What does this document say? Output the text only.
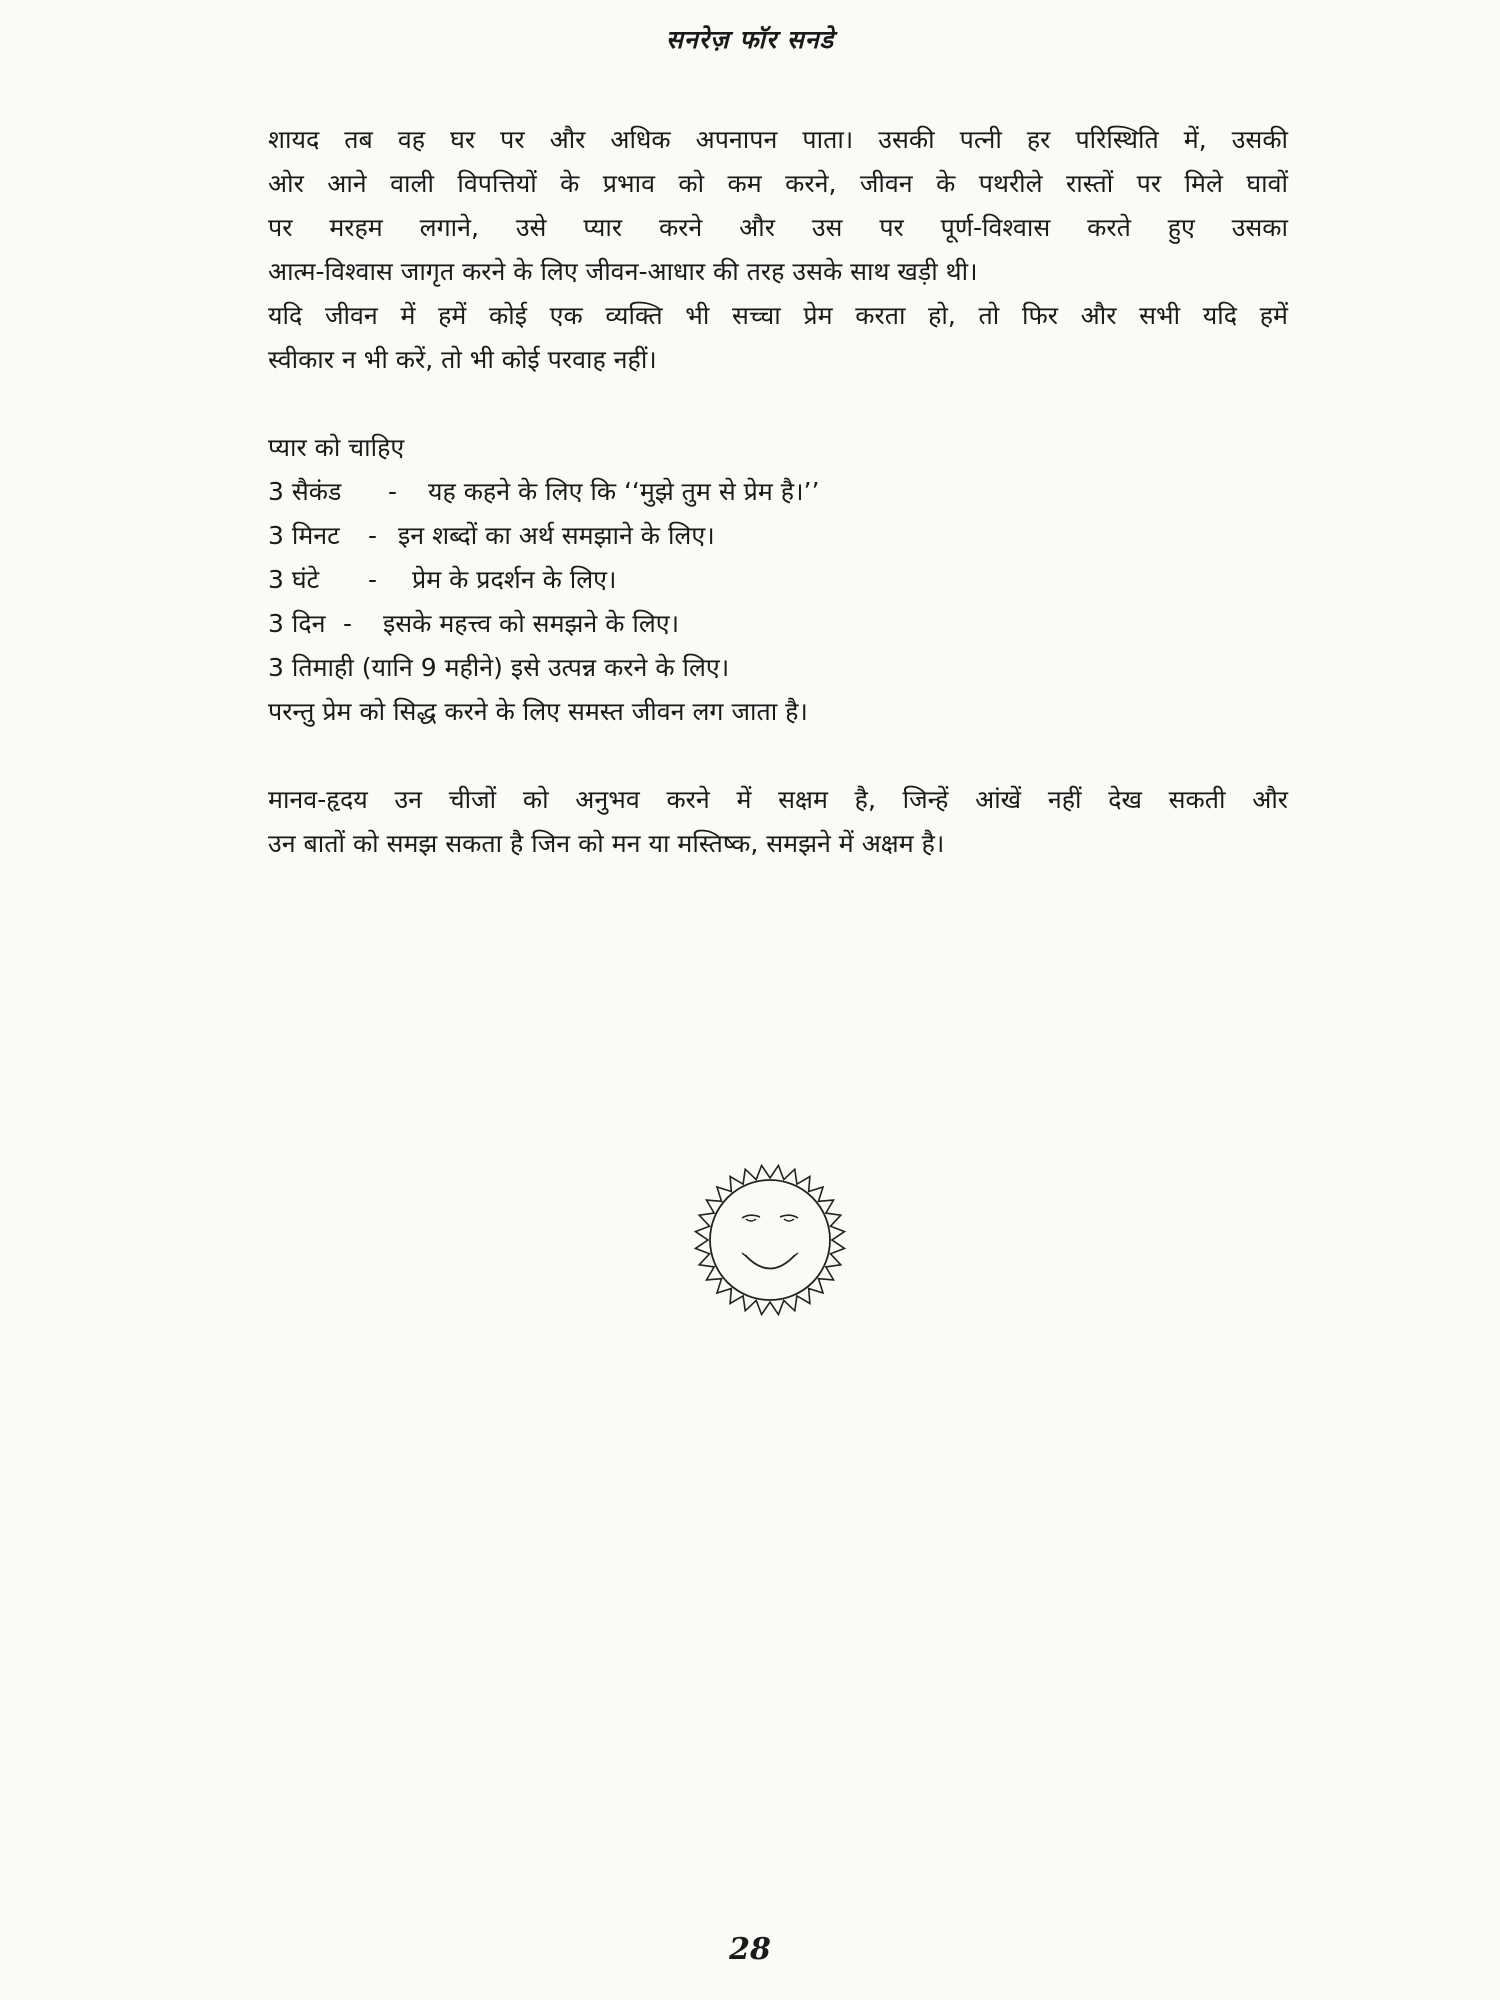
सनरेज़ फॉर सनडे
शायद तब वह घर पर और अधिक अपनापन पाता। उसकी पत्नी हर परिस्थिति में, उसकी
ओर आने वाली विपत्तियों के प्रभाव को कम करने, जीवन के पथरीले रास्तों पर मिले घावों
पर मरहम लगाने, उसे प्यार करने और उस पर पूर्ण-विश्वास करते हुए उसका
आत्म-विश्वास जागृत करने के लिए जीवन-आधार की तरह उसके साथ खड़ी थी।
यदि जीवन में हमें कोई एक व्यक्ति भी सच्चा प्रेम करता हो, तो फिर और सभी यदि हमें
स्वीकार न भी करें, तो भी कोई परवाह नहीं।
प्यार को चाहिए
3 सैकंड	-	यह कहने के लिए कि ‘‘मुझे तुम से प्रेम है।’’
3 मिनट	- इन शब्दों का अर्थ समझाने के लिए।
3 घंटे	-	प्रेम के प्रदर्शन के लिए।
3 दिन -	इसके महत्त्व को समझने के लिए।
3 तिमाही (यानि 9 महीने) इसे उत्पन्न करने के लिए।
परन्तु प्रेम को सिद्ध करने के लिए समस्त जीवन लग जाता है।
मानव-हृदय उन चीजों को अनुभव करने में सक्षम है, जिन्हें आंखें नहीं देख सकती और
उन बातों को समझ सकता है जिन को मन या मस्तिष्क, समझने में अक्षम है।
28
